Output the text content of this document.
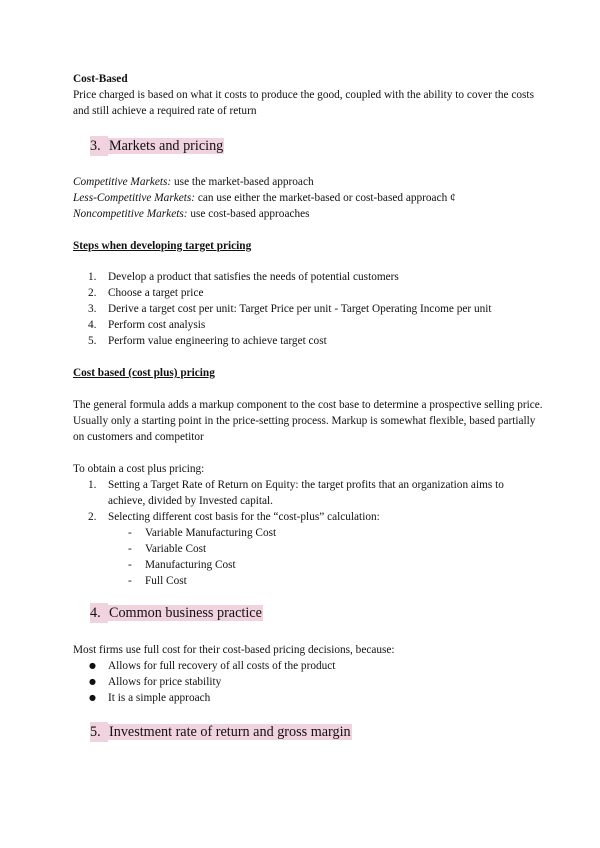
Cost-Based
Price charged is based on what it costs to produce the good, coupled with the ability to cover the costs and still achieve a required rate of return
3. Markets and pricing
Competitive Markets: use the market-based approach
Less-Competitive Markets: can use either the market-based or cost-based approach ¢
Noncompetitive Markets: use cost-based approaches
Steps when developing target pricing
1. Develop a product that satisfies the needs of potential customers
2. Choose a target price
3. Derive a target cost per unit: Target Price per unit - Target Operating Income per unit
4. Perform cost analysis
5. Perform value engineering to achieve target cost
Cost based (cost plus) pricing
The general formula adds a markup component to the cost base to determine a prospective selling price. Usually only a starting point in the price-setting process. Markup is somewhat flexible, based partially on customers and competitor
To obtain a cost plus pricing:
1. Setting a Target Rate of Return on Equity: the target profits that an organization aims to achieve, divided by Invested capital.
2. Selecting different cost basis for the “cost-plus” calculation:
- Variable Manufacturing Cost
- Variable Cost
- Manufacturing Cost
- Full Cost
4. Common business practice
Most firms use full cost for their cost-based pricing decisions, because:
● Allows for full recovery of all costs of the product
● Allows for price stability
● It is a simple approach
5. Investment rate of return and gross margin
